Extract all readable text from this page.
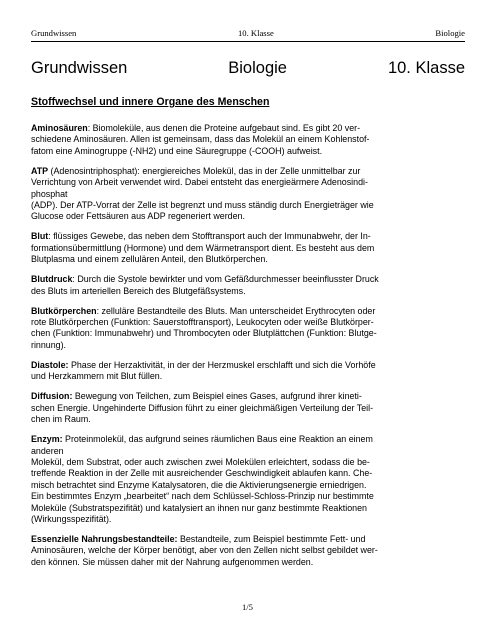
Grundwissen	10. Klasse	Biologie
Grundwissen	Biologie	10. Klasse
Stoffwechsel und innere Organe des Menschen
Aminosäuren: Biomoleküle, aus denen die Proteine aufgebaut sind. Es gibt 20 ver-
schiedene Aminosäuren. Allen ist gemeinsam, dass das Molekül an einem Kohlenstof-
fatom eine Aminogruppe (-NH2) und eine Säuregruppe (-COOH) aufweist.
ATP (Adenosintriphosphat): energiereiches Molekül, das in der Zelle unmittelbar zur
Verrichtung von Arbeit verwendet wird. Dabei entsteht das energieärmere Adenosindi-
phosphat
(ADP). Der ATP-Vorrat der Zelle ist begrenzt und muss ständig durch Energieträger wie
Glucose oder Fettsäuren aus ADP regeneriert werden.
Blut: flüssiges Gewebe, das neben dem Stofftransport auch der Immunabwehr, der In-
formationsübermittlung (Hormone) und dem Wärmetransport dient. Es besteht aus dem
Blutplasma und einem zellulären Anteil, den Blutkörperchen.
Blutdruck: Durch die Systole bewirkter und vom Gefäßdurchmesser beeinflusster Druck
des Bluts im arteriellen Bereich des Blutgefäßsystems.
Blutkörperchen: zelluläre Bestandteile des Bluts. Man unterscheidet Erythrocyten oder
rote Blutkörperchen (Funktion: Sauerstofftransport), Leukocyten oder weiße Blutkörper-
chen (Funktion: Immunabwehr) und Thrombocyten oder Blutplättchen (Funktion: Blutge-
rinnung).
Diastole: Phase der Herzaktivität, in der der Herzmuskel erschlafft und sich die Vorhöfe
und Herzkammern mit Blut füllen.
Diffusion: Bewegung von Teilchen, zum Beispiel eines Gases, aufgrund ihrer kineti-
schen Energie. Ungehinderte Diffusion führt zu einer gleichmäßigen Verteilung der Teil-
chen im Raum.
Enzym: Proteinmolekül, das aufgrund seines räumlichen Baus eine Reaktion an einem
anderen
Molekül, dem Substrat, oder auch zwischen zwei Molekülen erleichtert, sodass die be-
treffende Reaktion in der Zelle mit ausreichender Geschwindigkeit ablaufen kann. Che-
misch betrachtet sind Enzyme Katalysatoren, die die Aktivierungsenergie erniedrigen.
Ein bestimmtes Enzym „bearbeitet“ nach dem Schlüssel-Schloss-Prinzip nur bestimmte
Moleküle (Substratspezifität) und katalysiert an ihnen nur ganz bestimmte Reaktionen
(Wirkungsspezifität).
Essenzielle Nahrungsbestandteile: Bestandteile, zum Beispiel bestimmte Fett- und
Aminosäuren, welche der Körper benötigt, aber von den Zellen nicht selbst gebildet wer-
den können. Sie müssen daher mit der Nahrung aufgenommen werden.
1/5
